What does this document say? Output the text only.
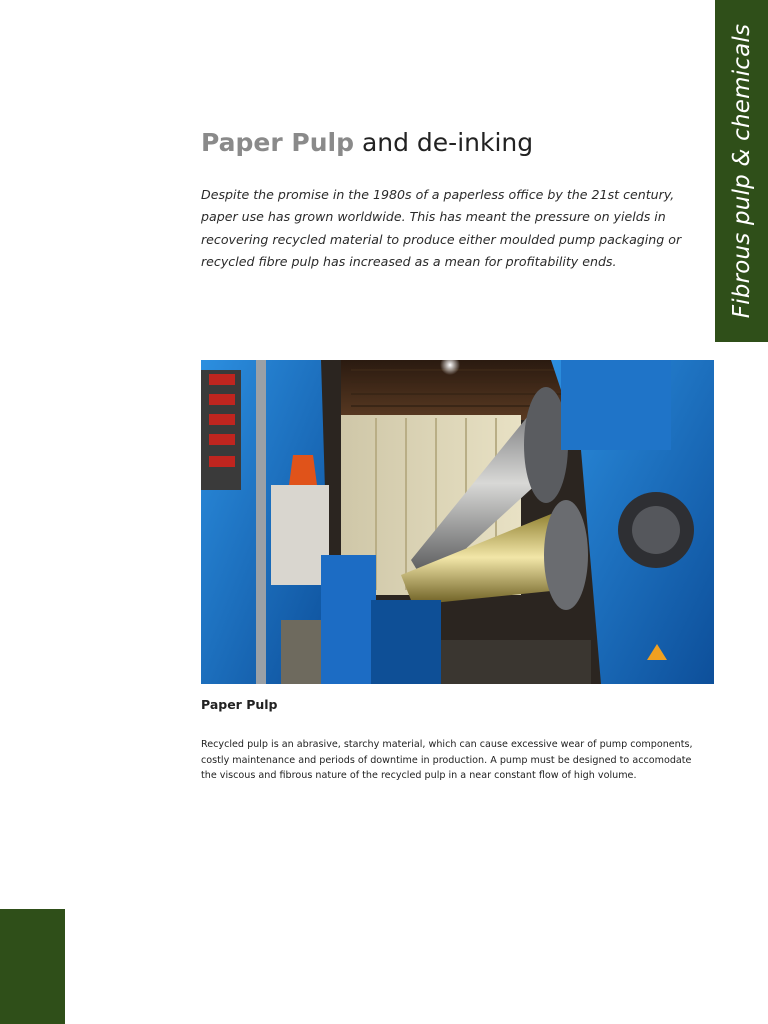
Fibrous pulp & chemicals
Paper Pulp and de-inking

Despite the promise in the 1980s of a paperless office by the 21st century, paper use has grown worldwide. This has meant the pressure on yields in recovering recycled material to produce either moulded pump packaging or recycled fibre pulp has increased as a mean for profitability ends.

Paper Pulp

Recycled pulp is an abrasive, starchy material, which can cause excessive wear of pump components, costly maintenance and periods of downtime in production. A pump must be designed to accomodate the viscous and fibrous nature of the recycled pulp in a near constant flow of high volume.
